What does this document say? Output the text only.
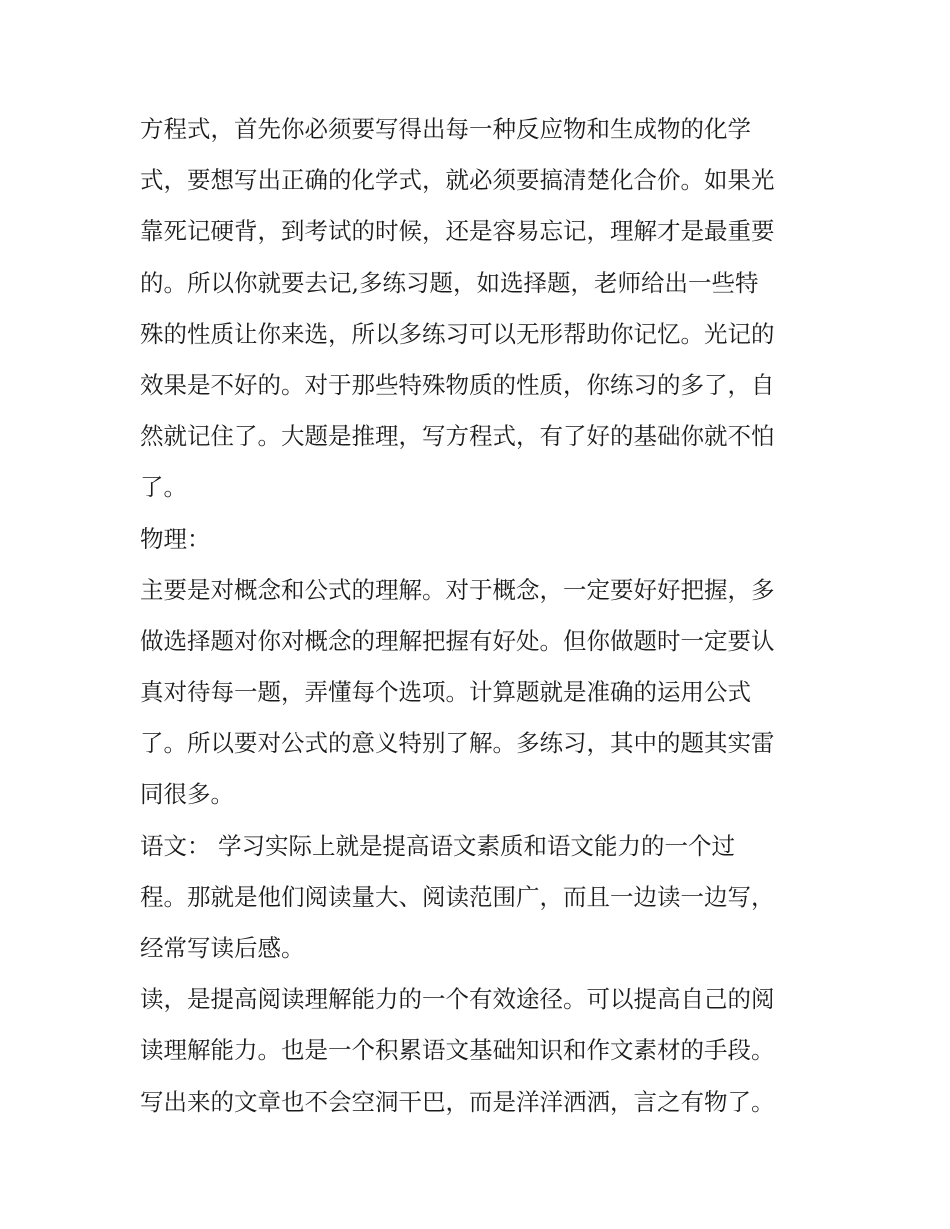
方程式，首先你必须要写得出每一种反应物和生成物的化学
式，要想写出正确的化学式，就必须要搞清楚化合价。如果光
靠死记硬背，到考试的时候，还是容易忘记，理解才是最重要
的。所以你就要去记,多练习题，如选择题，老师给出一些特
殊的性质让你来选，所以多练习可以无形帮助你记忆。光记的
效果是不好的。对于那些特殊物质的性质，你练习的多了，自
然就记住了。大题是推理，写方程式，有了好的基础你就不怕
了。
物理：
主要是对概念和公式的理解。对于概念，一定要好好把握，多
做选择题对你对概念的理解把握有好处。但你做题时一定要认
真对待每一题，弄懂每个选项。计算题就是准确的运用公式
了。所以要对公式的意义特别了解。多练习，其中的题其实雷
同很多。
语文： 学习实际上就是提高语文素质和语文能力的一个过
程。那就是他们阅读量大、阅读范围广，而且一边读一边写，
经常写读后感。
读，是提高阅读理解能力的一个有效途径。可以提高自己的阅
读理解能力。也是一个积累语文基础知识和作文素材的手段。
写出来的文章也不会空洞干巴，而是洋洋洒洒，言之有物了。
